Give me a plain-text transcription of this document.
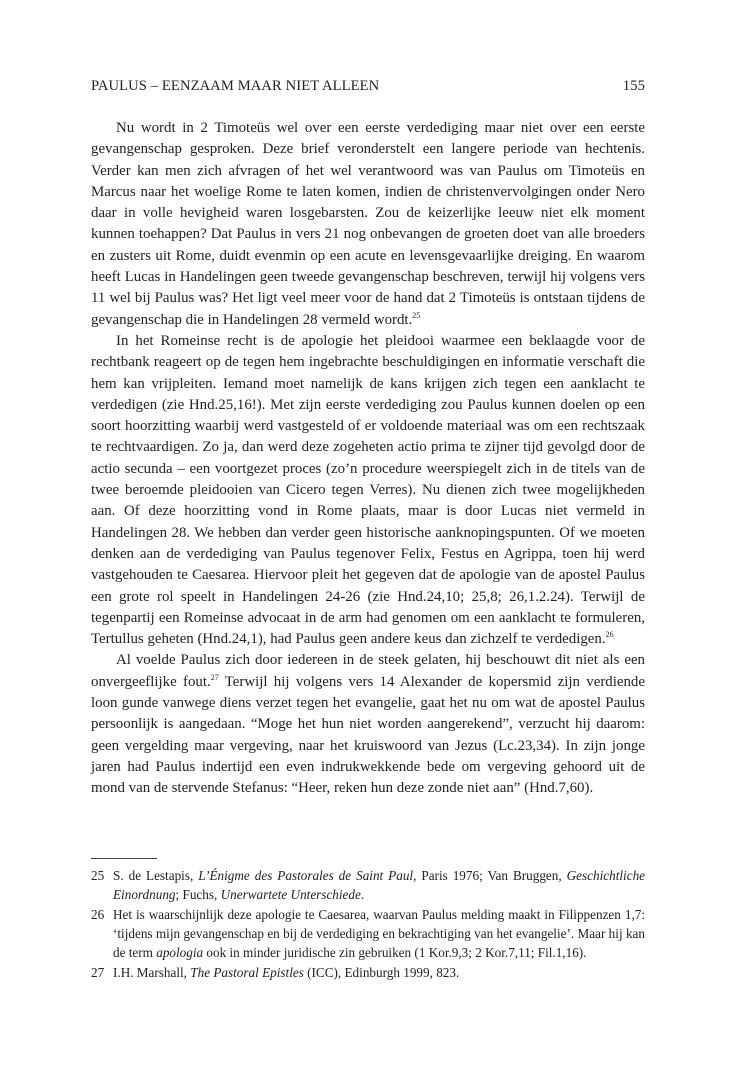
PAULUS – EENZAAM MAAR NIET ALLEEN	155

Nu wordt in 2 Timoteüs wel over een eerste verdediging maar niet over een eerste gevangenschap gesproken. Deze brief veronderstelt een langere periode van hechtenis. Verder kan men zich afvragen of het wel verantwoord was van Paulus om Timoteüs en Marcus naar het woelige Rome te laten komen, indien de christenvervolgingen onder Nero daar in volle hevigheid waren losgebarsten. Zou de keizerlijke leeuw niet elk moment kunnen toehappen? Dat Paulus in vers 21 nog onbevangen de groeten doet van alle broeders en zusters uit Rome, duidt evenmin op een acute en levensgevaarlijke dreiging. En waarom heeft Lucas in Handelingen geen tweede gevangenschap beschreven, terwijl hij volgens vers 11 wel bij Paulus was? Het ligt veel meer voor de hand dat 2 Timoteüs is ontstaan tijdens de gevangenschap die in Handelingen 28 vermeld wordt.$^{25}$

In het Romeinse recht is de apologie het pleidooi waarmee een beklaagde voor de rechtbank reageert op de tegen hem ingebrachte beschuldigingen en informatie verschaft die hem kan vrijpleiten. Iemand moet namelijk de kans krijgen zich tegen een aanklacht te verdedigen (zie Hnd.25,16!). Met zijn eerste verdediging zou Paulus kunnen doelen op een soort hoorzitting waarbij werd vastgesteld of er voldoende materiaal was om een rechtszaak te rechtvaardigen. Zo ja, dan werd deze zogeheten actio prima te zijner tijd gevolgd door de actio secunda – een voortgezet proces (zo’n procedure weerspiegelt zich in de titels van de twee beroemde pleidooien van Cicero tegen Verres). Nu dienen zich twee mogelijkheden aan. Of deze hoorzitting vond in Rome plaats, maar is door Lucas niet vermeld in Handelingen 28. We hebben dan verder geen historische aanknopingspunten. Of we moeten denken aan de verdediging van Paulus tegenover Felix, Festus en Agrippa, toen hij werd vastgehouden te Caesarea. Hiervoor pleit het gegeven dat de apologie van de apostel Paulus een grote rol speelt in Handelingen 24-26 (zie Hnd.24,10; 25,8; 26,1.2.24). Terwijl de tegenpartij een Romeinse advocaat in de arm had genomen om een aanklacht te formuleren, Tertullus geheten (Hnd.24,1), had Paulus geen andere keus dan zichzelf te verdedigen.$^{26}$

Al voelde Paulus zich door iedereen in de steek gelaten, hij beschouwt dit niet als een onvergeeflijke fout.$^{27}$ Terwijl hij volgens vers 14 Alexander de kopersmid zijn verdiende loon gunde vanwege diens verzet tegen het evangelie, gaat het nu om wat de apostel Paulus persoonlijk is aangedaan. “Moge het hun niet worden aangerekend”, verzucht hij daarom: geen vergelding maar vergeving, naar het kruiswoord van Jezus (Lc.23,34). In zijn jonge jaren had Paulus indertijd een even indrukwekkende bede om vergeving gehoord uit de mond van de stervende Stefanus: “Heer, reken hun deze zonde niet aan” (Hnd.7,60).

25 S. de Lestapis, L’Énigme des Pastorales de Saint Paul, Paris 1976; Van Bruggen, Geschichtliche Einordnung; Fuchs, Unerwartete Unterschiede.
26 Het is waarschijnlijk deze apologie te Caesarea, waarvan Paulus melding maakt in Filippenzen 1,7: ‘tijdens mijn gevangenschap en bij de verdediging en bekrachtiging van het evangelie’. Maar hij kan de term apologia ook in minder juridische zin gebruiken (1 Kor.9,3; 2 Kor.7,11; Fil.1,16).
27 I.H. Marshall, The Pastoral Epistles (ICC), Edinburgh 1999, 823.
